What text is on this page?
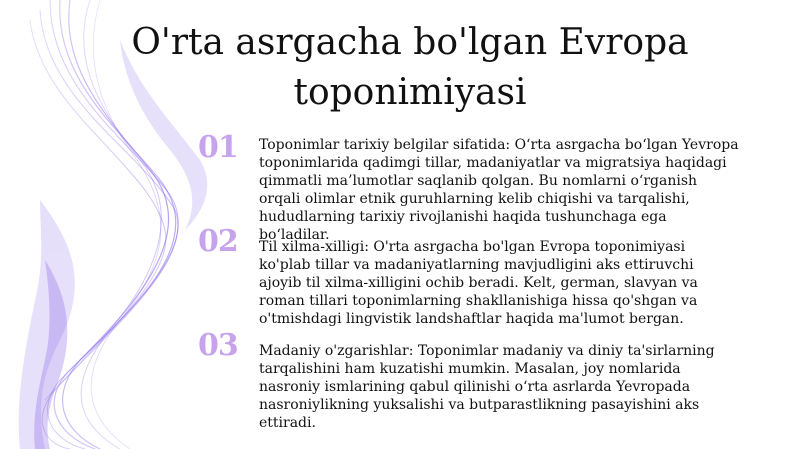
O'rta asrgacha bo'lgan Evropa toponimiyasi
01	Toponimlar tarixiy belgilar sifatida: O‘rta asrgacha bo‘lgan Yevropa toponimlarida qadimgi tillar, madaniyatlar va migratsiya haqidagi qimmatli ma’lumotlar saqlanib qolgan. Bu nomlarni o‘rganish orqali olimlar etnik guruhlarning kelib chiqishi va tarqalishi, hududlarning tarixiy rivojlanishi haqida tushunchaga ega bo‘ladilar.

02	Til xilma-xilligi: O'rta asrgacha bo'lgan Evropa toponimiyasi ko'plab tillar va madaniyatlarning mavjudligini aks ettiruvchi ajoyib til xilma-xilligini ochib beradi. Kelt, german, slavyan va roman tillari toponimlarning shakllanishiga hissa qo'shgan va o'tmishdagi lingvistik landshaftlar haqida ma'lumot bergan.

03	Madaniy o'zgarishlar: Toponimlar madaniy va diniy ta'sirlarning tarqalishini ham kuzatishi mumkin. Masalan, joy nomlarida nasroniy ismlarining qabul qilinishi o‘rta asrlarda Yevropada nasroniylikning yuksalishi va butparastlikning pasayishini aks ettiradi.
